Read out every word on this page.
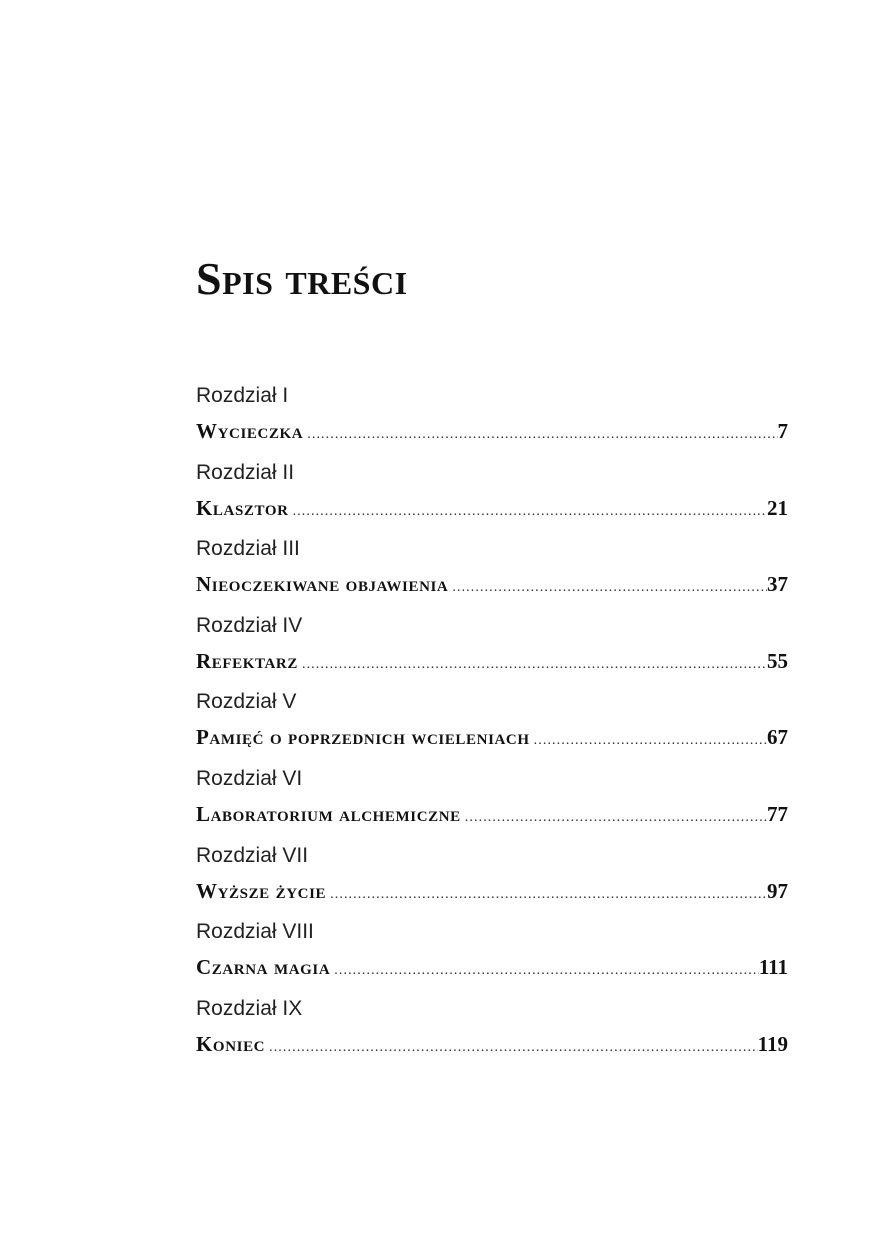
Spis treści
Rozdział I
Wycieczka . . .	7
Rozdział II
Klasztor . . .	21
Rozdział III
Nieoczekiwane objawienia . . .	37
Rozdział IV
Refektarz . . .	55
Rozdział V
Pamięć o poprzednich wcieleniach . . .	67
Rozdział VI
Laboratorium alchemiczne . . .	77
Rozdział VII
Wyższe życie . . .	97
Rozdział VIII
Czarna magia . . .	111
Rozdział IX
Koniec . . .	119
